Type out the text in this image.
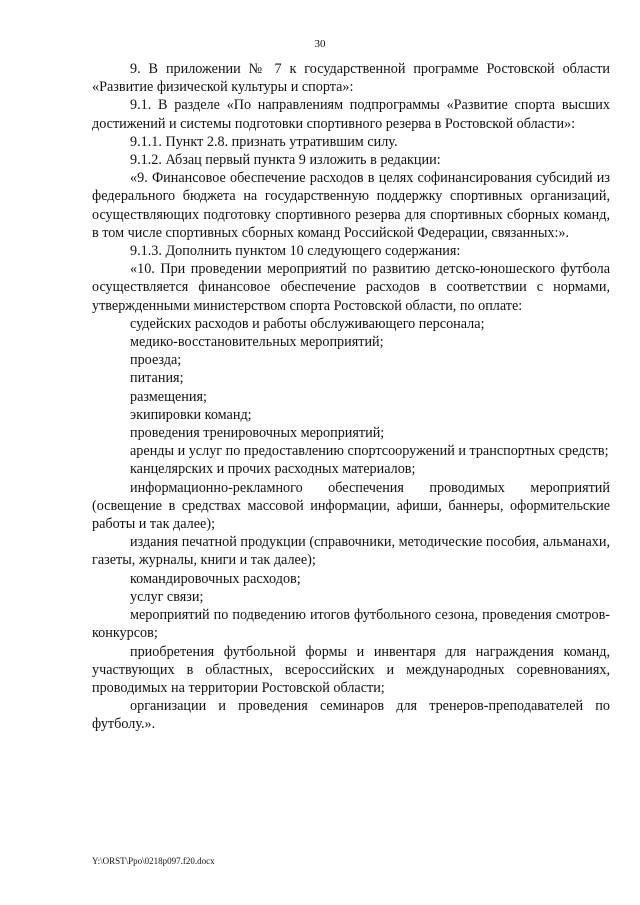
30

9. В приложении № 7 к государственной программе Ростовской области «Развитие физической культуры и спорта»:

9.1. В разделе «По направлениям подпрограммы «Развитие спорта высших достижений и системы подготовки спортивного резерва в Ростовской области»:

9.1.1. Пункт 2.8. признать утратившим силу.

9.1.2. Абзац первый пункта 9 изложить в редакции:

«9. Финансовое обеспечение расходов в целях софинансирования субсидий из федерального бюджета на государственную поддержку спортивных организаций, осуществляющих подготовку спортивного резерва для спортивных сборных команд, в том числе спортивных сборных команд Российской Федерации, связанных:».

9.1.3. Дополнить пунктом 10 следующего содержания:

«10. При проведении мероприятий по развитию детско-юношеского футбола осуществляется финансовое обеспечение расходов в соответствии с нормами, утвержденными министерством спорта Ростовской области, по оплате:

судейских расходов и работы обслуживающего персонала;

медико-восстановительных мероприятий;

проезда;

питания;

размещения;

экипировки команд;

проведения тренировочных мероприятий;

аренды и услуг по предоставлению спортсооружений и транспортных средств;

канцелярских и прочих расходных материалов;

информационно-рекламного обеспечения проводимых мероприятий (освещение в средствах массовой информации, афиши, баннеры, оформительские работы и так далее);

издания печатной продукции (справочники, методические пособия, альманахи, газеты, журналы, книги и так далее);

командировочных расходов;

услуг связи;

мероприятий по подведению итогов футбольного сезона, проведения смотров-конкурсов;

приобретения футбольной формы и инвентаря для награждения команд, участвующих в областных, всероссийских и международных соревнованиях, проводимых на территории Ростовской области;

организации и проведения семинаров для тренеров-преподавателей по футболу.».

Y:\ORST\Ppo\0218p097.f20.docx
